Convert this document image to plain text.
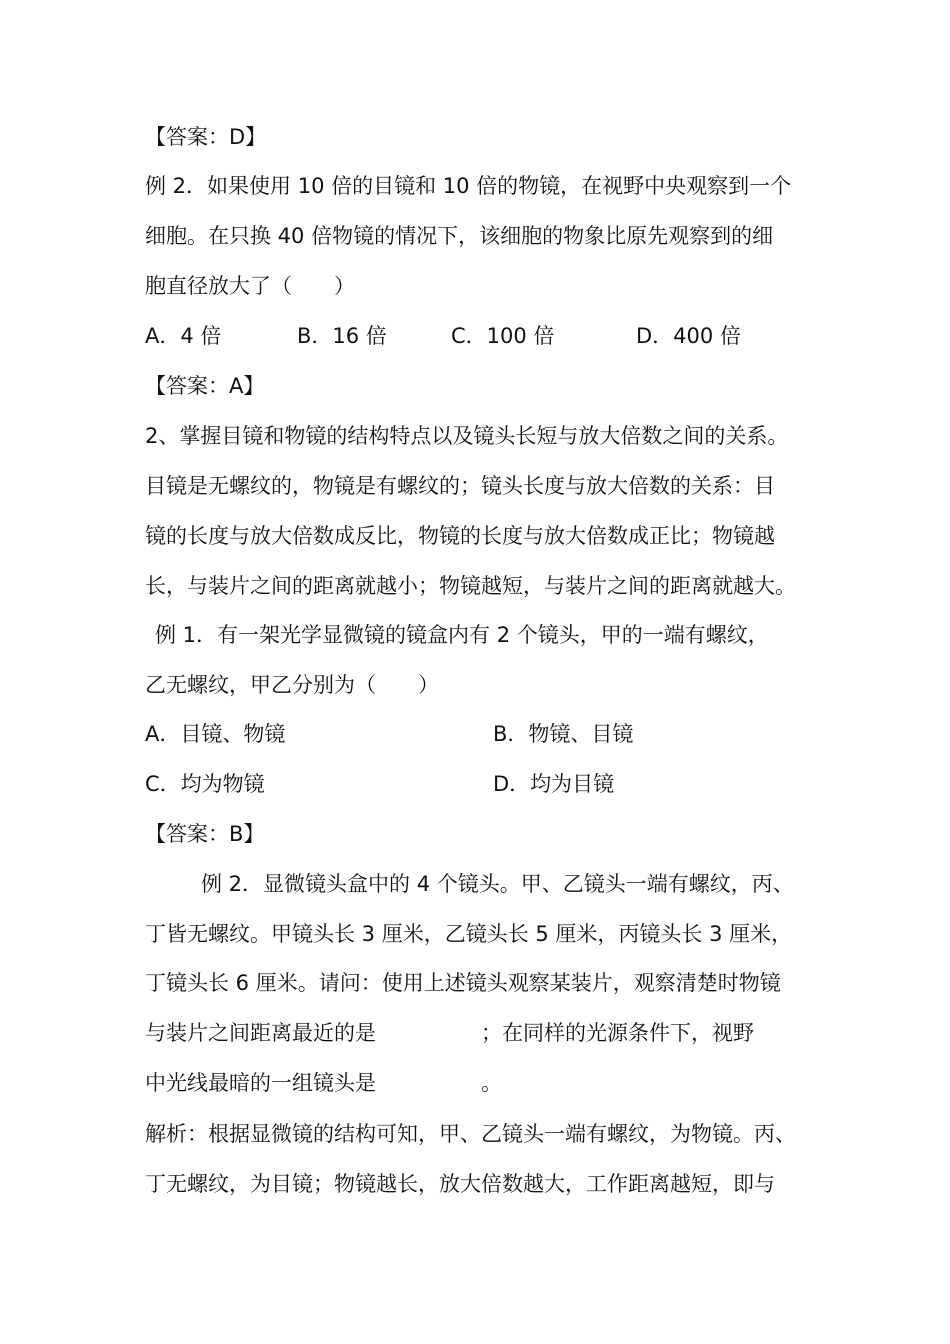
【答案：D】
例 2．如果使用 10 倍的目镜和 10 倍的物镜，在视野中央观察到一个
细胞。在只换 40 倍物镜的情况下，该细胞的物象比原先观察到的细
胞直径放大了（　　）

A．4 倍

	B．16 倍

	C．100 倍

	D．400 倍

【答案：A】
2、掌握目镜和物镜的结构特点以及镜头长短与放大倍数之间的关系。
目镜是无螺纹的，物镜是有螺纹的；镜头长度与放大倍数的关系：目
镜的长度与放大倍数成反比，物镜的长度与放大倍数成正比；物镜越
长，与装片之间的距离就越小；物镜越短，与装片之间的距离就越大。
例 1．有一架光学显微镜的镜盒内有 2 个镜头，甲的一端有螺纹，
乙无螺纹，甲乙分别为（　　）

A．目镜、物镜

	B．物镜、目镜

C．均为物镜

	D．均为目镜

【答案：B】
例 2．显微镜头盒中的 4 个镜头。甲、乙镜头一端有螺纹，丙、
丁皆无螺纹。甲镜头长 3 厘米，乙镜头长 5 厘米，丙镜头长 3 厘米，
丁镜头长 6 厘米。请问：使用上述镜头观察某装片，观察清楚时物镜
与装片之间距离最近的是　　　　　；在同样的光源条件下，视野
中光线最暗的一组镜头是　　　　　。
解析：根据显微镜的结构可知，甲、乙镜头一端有螺纹，为物镜。丙、
丁无螺纹，为目镜；物镜越长，放大倍数越大，工作距离越短，即与
